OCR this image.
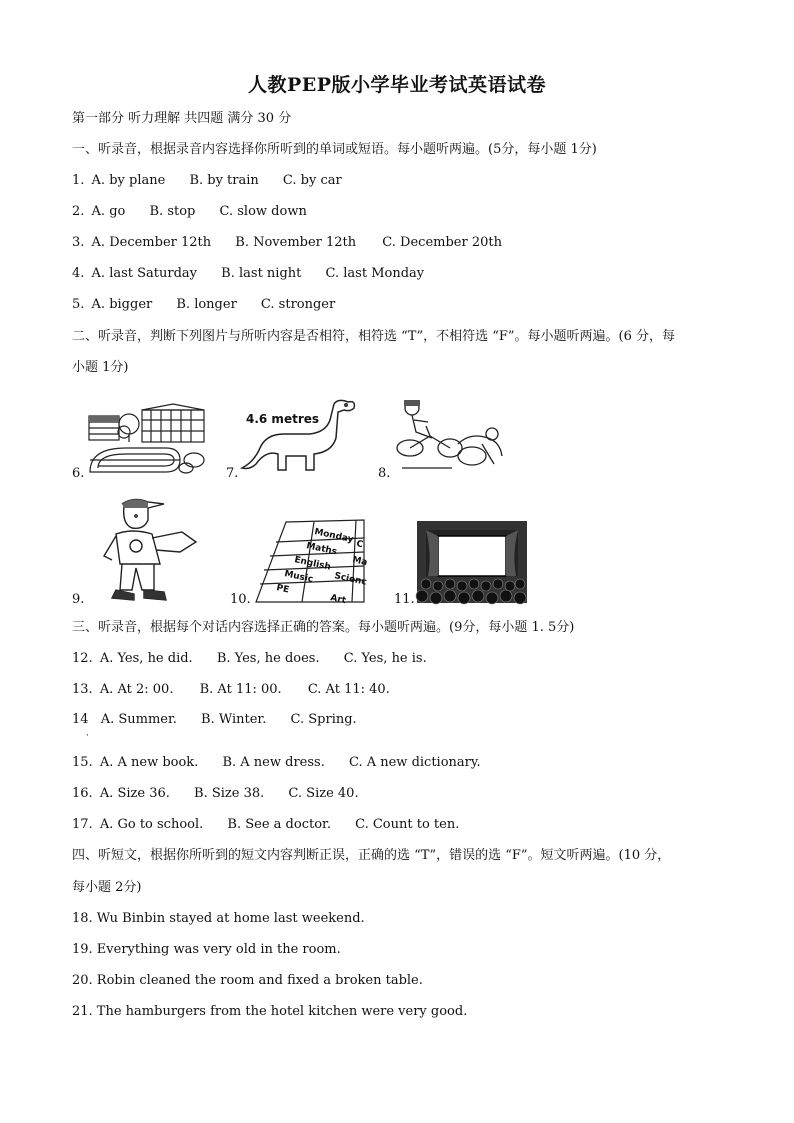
人教PEP版小学毕业考试英语试卷
第一部分 听力理解 共四题 满分 30 分
一、听录音，根据录音内容选择你所听到的单词或短语。每小题听两遍。(5分，每小题 1分)
1. A. by plane B. by train C. by car
2. A. go B. stop C. slow down
3. A. December 12th B. November 12th C. December 20th
4. A. last Saturday B. last night C. last Monday
5. A. bigger B. longer C. stronger
二、听录音，判断下列图片与所听内容是否相符，相符选 “T”，不相符选 “F”。每小题听两遍。(6 分，每
小题 1分)
6.	7.
4.6 metres
8.
9.	10.
Monday
Maths
English
Music
PE
Art
C
Ma
Scienc
11.
三、听录音，根据每个对话内容选择正确的答案。每小题听两遍。(9分，每小题 1. 5分)
12. A. Yes, he did. B. Yes, he does. C. Yes, he is.
13. A. At 2: 00. B. At 11: 00. C. At 11: 40.
14 A. Summer. B. Winter. C. Spring.
·
15. A. A new book. B. A new dress. C. A new dictionary.
16. A. Size 36. B. Size 38. C. Size 40.
17. A. Go to school. B. See a doctor. C. Count to ten.
四、听短文，根据你所听到的短文内容判断正误，正确的选 “T”，错误的选 “F”。短文听两遍。(10 分，
每小题 2分)
18. Wu Binbin stayed at home last weekend.
19. Everything was very old in the room.
20. Robin cleaned the room and fixed a broken table.
21. The hamburgers from the hotel kitchen were very good.
